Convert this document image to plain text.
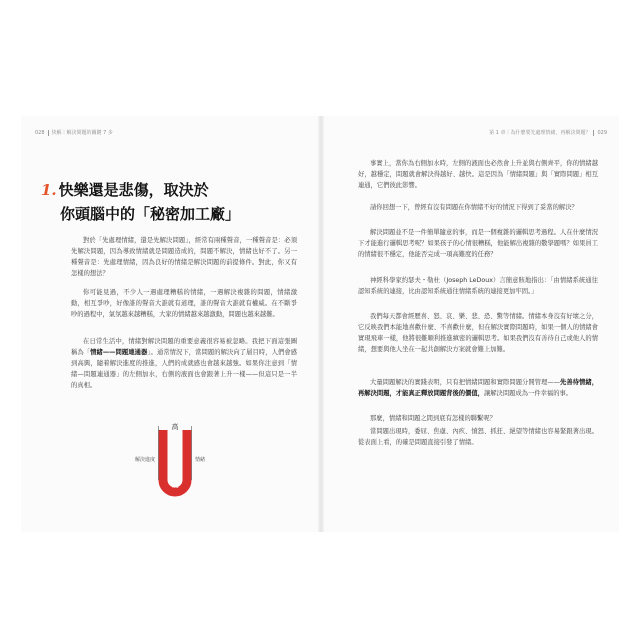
028 快解｜解決問題的關鍵 7 步
1. 快樂還是悲傷，取決於
你頭腦中的「秘密加工廠」

對於「先處理情緒，還是先解決問題」，經常有兩種聲音，一種聲音是：必須先解決問題，因為導致情緒就是問題造成的，問題不解決，情緒也好不了。另一種聲音是：先處理情緒，因為良好的情緒是解決問題的前提條件。對此，你又有怎樣的想法？

你可能見過，不少人一遇處理糟糕的情緒，一遇解決複雜的問題，情緒激動，相互爭吵，好像誰的聲音大誰就有道理，誰的聲音大誰就有權威。在不斷爭吵的過程中，氣氛越來越糟糕，大家的情緒越來越激動，問題也越來越難。

在日常生活中，情緒對解決問題的重要意義很容易被忽略。我把下面這張圖稱為「情緒——問題連通器」。通常情況下，當問題的解決向了層目時，人們會感到高興，隨着解決進度的推進，人們的成就感也會越來越強。如果你注意到「情緒—問題連通器」的左側加水，右側的液面也會跟著上升一樣——但這只是一半的真相。

高
低
解決進度	情緒
第 1 章｜為什麼要先處理情緒，再解決問題？ 029

事實上，當你為右側加水時，左側的液面也必然會上升並與右側齊平，你的情緒越好，越穩定，問題就會解決得越好、越快。這是因為「情緒問題」與「實際問題」相互連通，它們彼此影響。

請你回想一下，曾經有沒有問題在你情緒不好的情況下得到了妥當的解決？

解決問題並不是一件簡單隨意的事，而是一個複雜的邏輯思考過程。人在什麼情況下才能進行邏輯思考呢？如果孩子的心情很糟糕，他能解出複雜的數學題嗎？如果員工的情緒很不穩定，他能否完成一項高難度的任務？

神經科學家約瑟夫・勒杜（Joseph LeDoux）言簡意賅地指出：「由情緒系統通往認知系統的連接，比由認知系統通往情緒系統的連接更加牢固。」

我們每天都會經歷喜、怒、哀、樂、悲、恐、驚等情緒。情緒本身沒有好壞之分，它反映我們本能地喜歡什麼、不喜歡什麼，但在解決實際問題時，如果一個人的情緒會實現飛車一樣，他將很難順利推進縝密的邏輯思考。如果我們沒有善待自己或他人的情緒，想要與他人坐在一起共創解決方案就會難上加難。

大量問題解決的實踐表明，只有把情緒問題和實際問題分開管理——先善待情緒，再解決問題，才能真正釋放問題背後的價值，讓解決問題成為一件幸福的事。

那麼，情緒和問題之間到底有怎樣的聯繫呢？

當問題出現時，委屈、焦慮、內疚、憤怒、抓狂、絕望等情緒也容易緊跟著出現。從表面上看，的確是問題直接引發了情緒。
